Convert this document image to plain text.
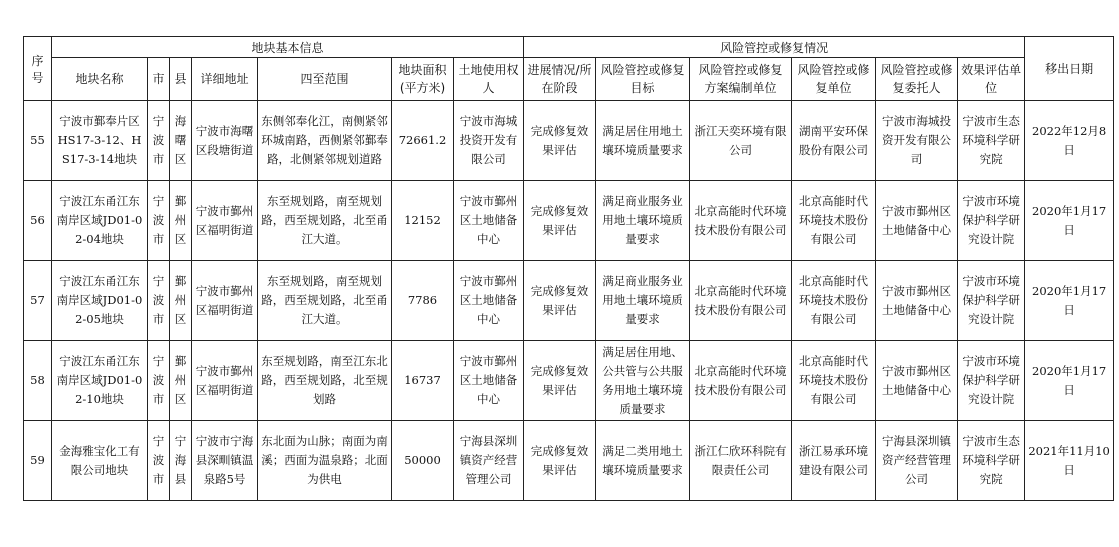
序号	地块基本信息							风险管控或修复情况						移出日期
	地块名称	市	县	详细地址	四至范围	地块面积(平方米)	土地使用权人	进展情况/所在阶段	风险管控或修复目标	风险管控或修复方案编制单位	风险管控或修复单位	风险管控或修复委托人	效果评估单位	
55	宁波市鄞奉片区HS17-3-12、HS17-3-14地块	宁波市	海曙区	宁波市海曙区段塘街道	东侧邻奉化江，南侧紧邻环城南路，西侧紧邻鄞奉路，北侧紧邻规划道路	72661.2	宁波市海城投资开发有限公司	完成修复效果评估	满足居住用地土壤环境质量要求	浙江天奕环境有限公司	湖南平安环保股份有限公司	宁波市海城投资开发有限公司	宁波市生态环境科学研究院	2022年12月8日
56	宁波江东甬江东南岸区域JD01-02-04地块	宁波市	鄞州区	宁波市鄞州区福明街道	东至规划路，南至规划路，西至规划路，北至甬江大道。	12152	宁波市鄞州区土地储备中心	完成修复效果评估	满足商业服务业用地土壤环境质量要求	北京高能时代环境技术股份有限公司	北京高能时代环境技术股份有限公司	宁波市鄞州区土地储备中心	宁波市环境保护科学研究设计院	2020年1月17日
57	宁波江东甬江东南岸区域JD01-02-05地块	宁波市	鄞州区	宁波市鄞州区福明街道	东至规划路，南至规划路，西至规划路，北至甬江大道。	7786	宁波市鄞州区土地储备中心	完成修复效果评估	满足商业服务业用地土壤环境质量要求	北京高能时代环境技术股份有限公司	北京高能时代环境技术股份有限公司	宁波市鄞州区土地储备中心	宁波市环境保护科学研究设计院	2020年1月17日
58	宁波江东甬江东南岸区域JD01-02-10地块	宁波市	鄞州区	宁波市鄞州区福明街道	东至规划路，南至江东北路，西至规划路，北至规划路	16737	宁波市鄞州区土地储备中心	完成修复效果评估	满足居住用地、公共管与公共服务用地土壤环境质量要求	北京高能时代环境技术股份有限公司	北京高能时代环境技术股份有限公司	宁波市鄞州区土地储备中心	宁波市环境保护科学研究设计院	2020年1月17日
59	金海雅宝化工有限公司地块	宁波市	宁海县	宁波市宁海县深甽镇温泉路5号	东北面为山脉；南面为南溪；西面为温泉路；北面为供电	50000	宁海县深圳镇资产经营管理公司	完成修复效果评估	满足二类用地土壤环境质量要求	浙江仁欣环科院有限责任公司	浙江易承环境建设有限公司	宁海县深圳镇资产经营管理公司	宁波市生态环境科学研究院	2021年11月10日
